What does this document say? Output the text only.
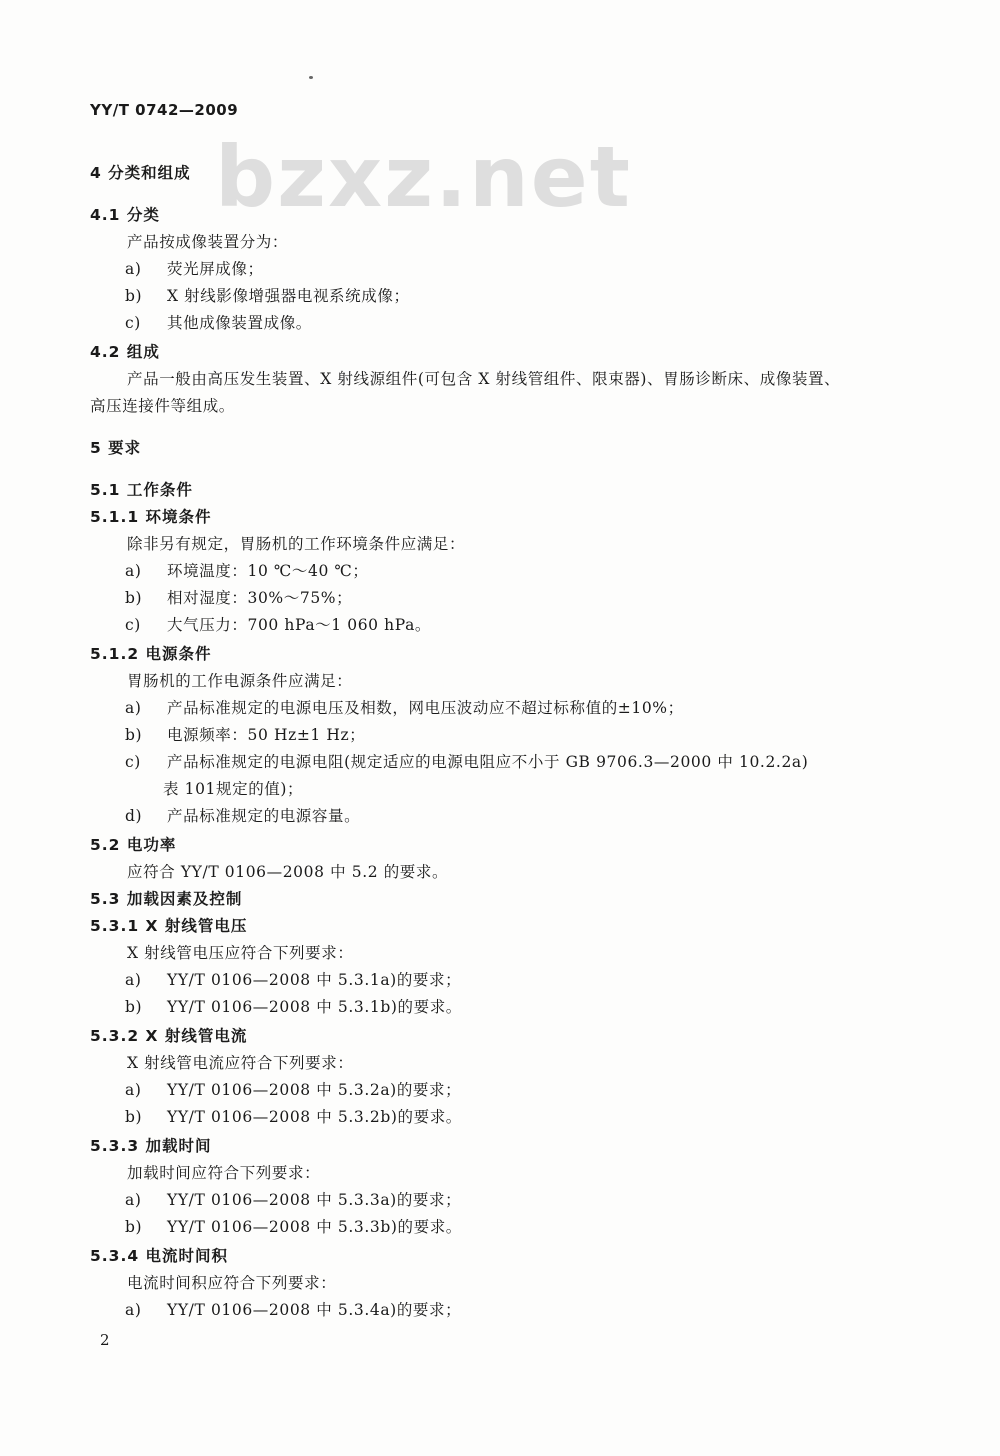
bzxz.net
YY/T 0742—2009
4 分类和组成
4.1 分类
产品按成像装置分为：
a) 荧光屏成像；
b) X 射线影像增强器电视系统成像；
c) 其他成像装置成像。
4.2 组成
产品一般由高压发生装置、X 射线源组件(可包含 X 射线管组件、限束器)、胃肠诊断床、成像装置、
高压连接件等组成。
5 要求
5.1 工作条件
5.1.1 环境条件
除非另有规定，胃肠机的工作环境条件应满足：
a) 环境温度：10 ℃～40 ℃；
b) 相对湿度：30%～75%；
c) 大气压力：700 hPa～1 060 hPa。
5.1.2 电源条件
胃肠机的工作电源条件应满足：
a) 产品标准规定的电源电压及相数，网电压波动应不超过标称值的±10%；
b) 电源频率：50 Hz±1 Hz；
c) 产品标准规定的电源电阻(规定适应的电源电阻应不小于 GB 9706.3—2000 中 10.2.2a)
表 101规定的值)；
d) 产品标准规定的电源容量。
5.2 电功率
应符合 YY/T 0106—2008 中 5.2 的要求。
5.3 加载因素及控制
5.3.1 X 射线管电压
X 射线管电压应符合下列要求：
a) YY/T 0106—2008 中 5.3.1a)的要求；
b) YY/T 0106—2008 中 5.3.1b)的要求。
5.3.2 X 射线管电流
X 射线管电流应符合下列要求：
a) YY/T 0106—2008 中 5.3.2a)的要求；
b) YY/T 0106—2008 中 5.3.2b)的要求。
5.3.3 加载时间
加载时间应符合下列要求：
a) YY/T 0106—2008 中 5.3.3a)的要求；
b) YY/T 0106—2008 中 5.3.3b)的要求。
5.3.4 电流时间积
电流时间积应符合下列要求：
a) YY/T 0106—2008 中 5.3.4a)的要求；
2
